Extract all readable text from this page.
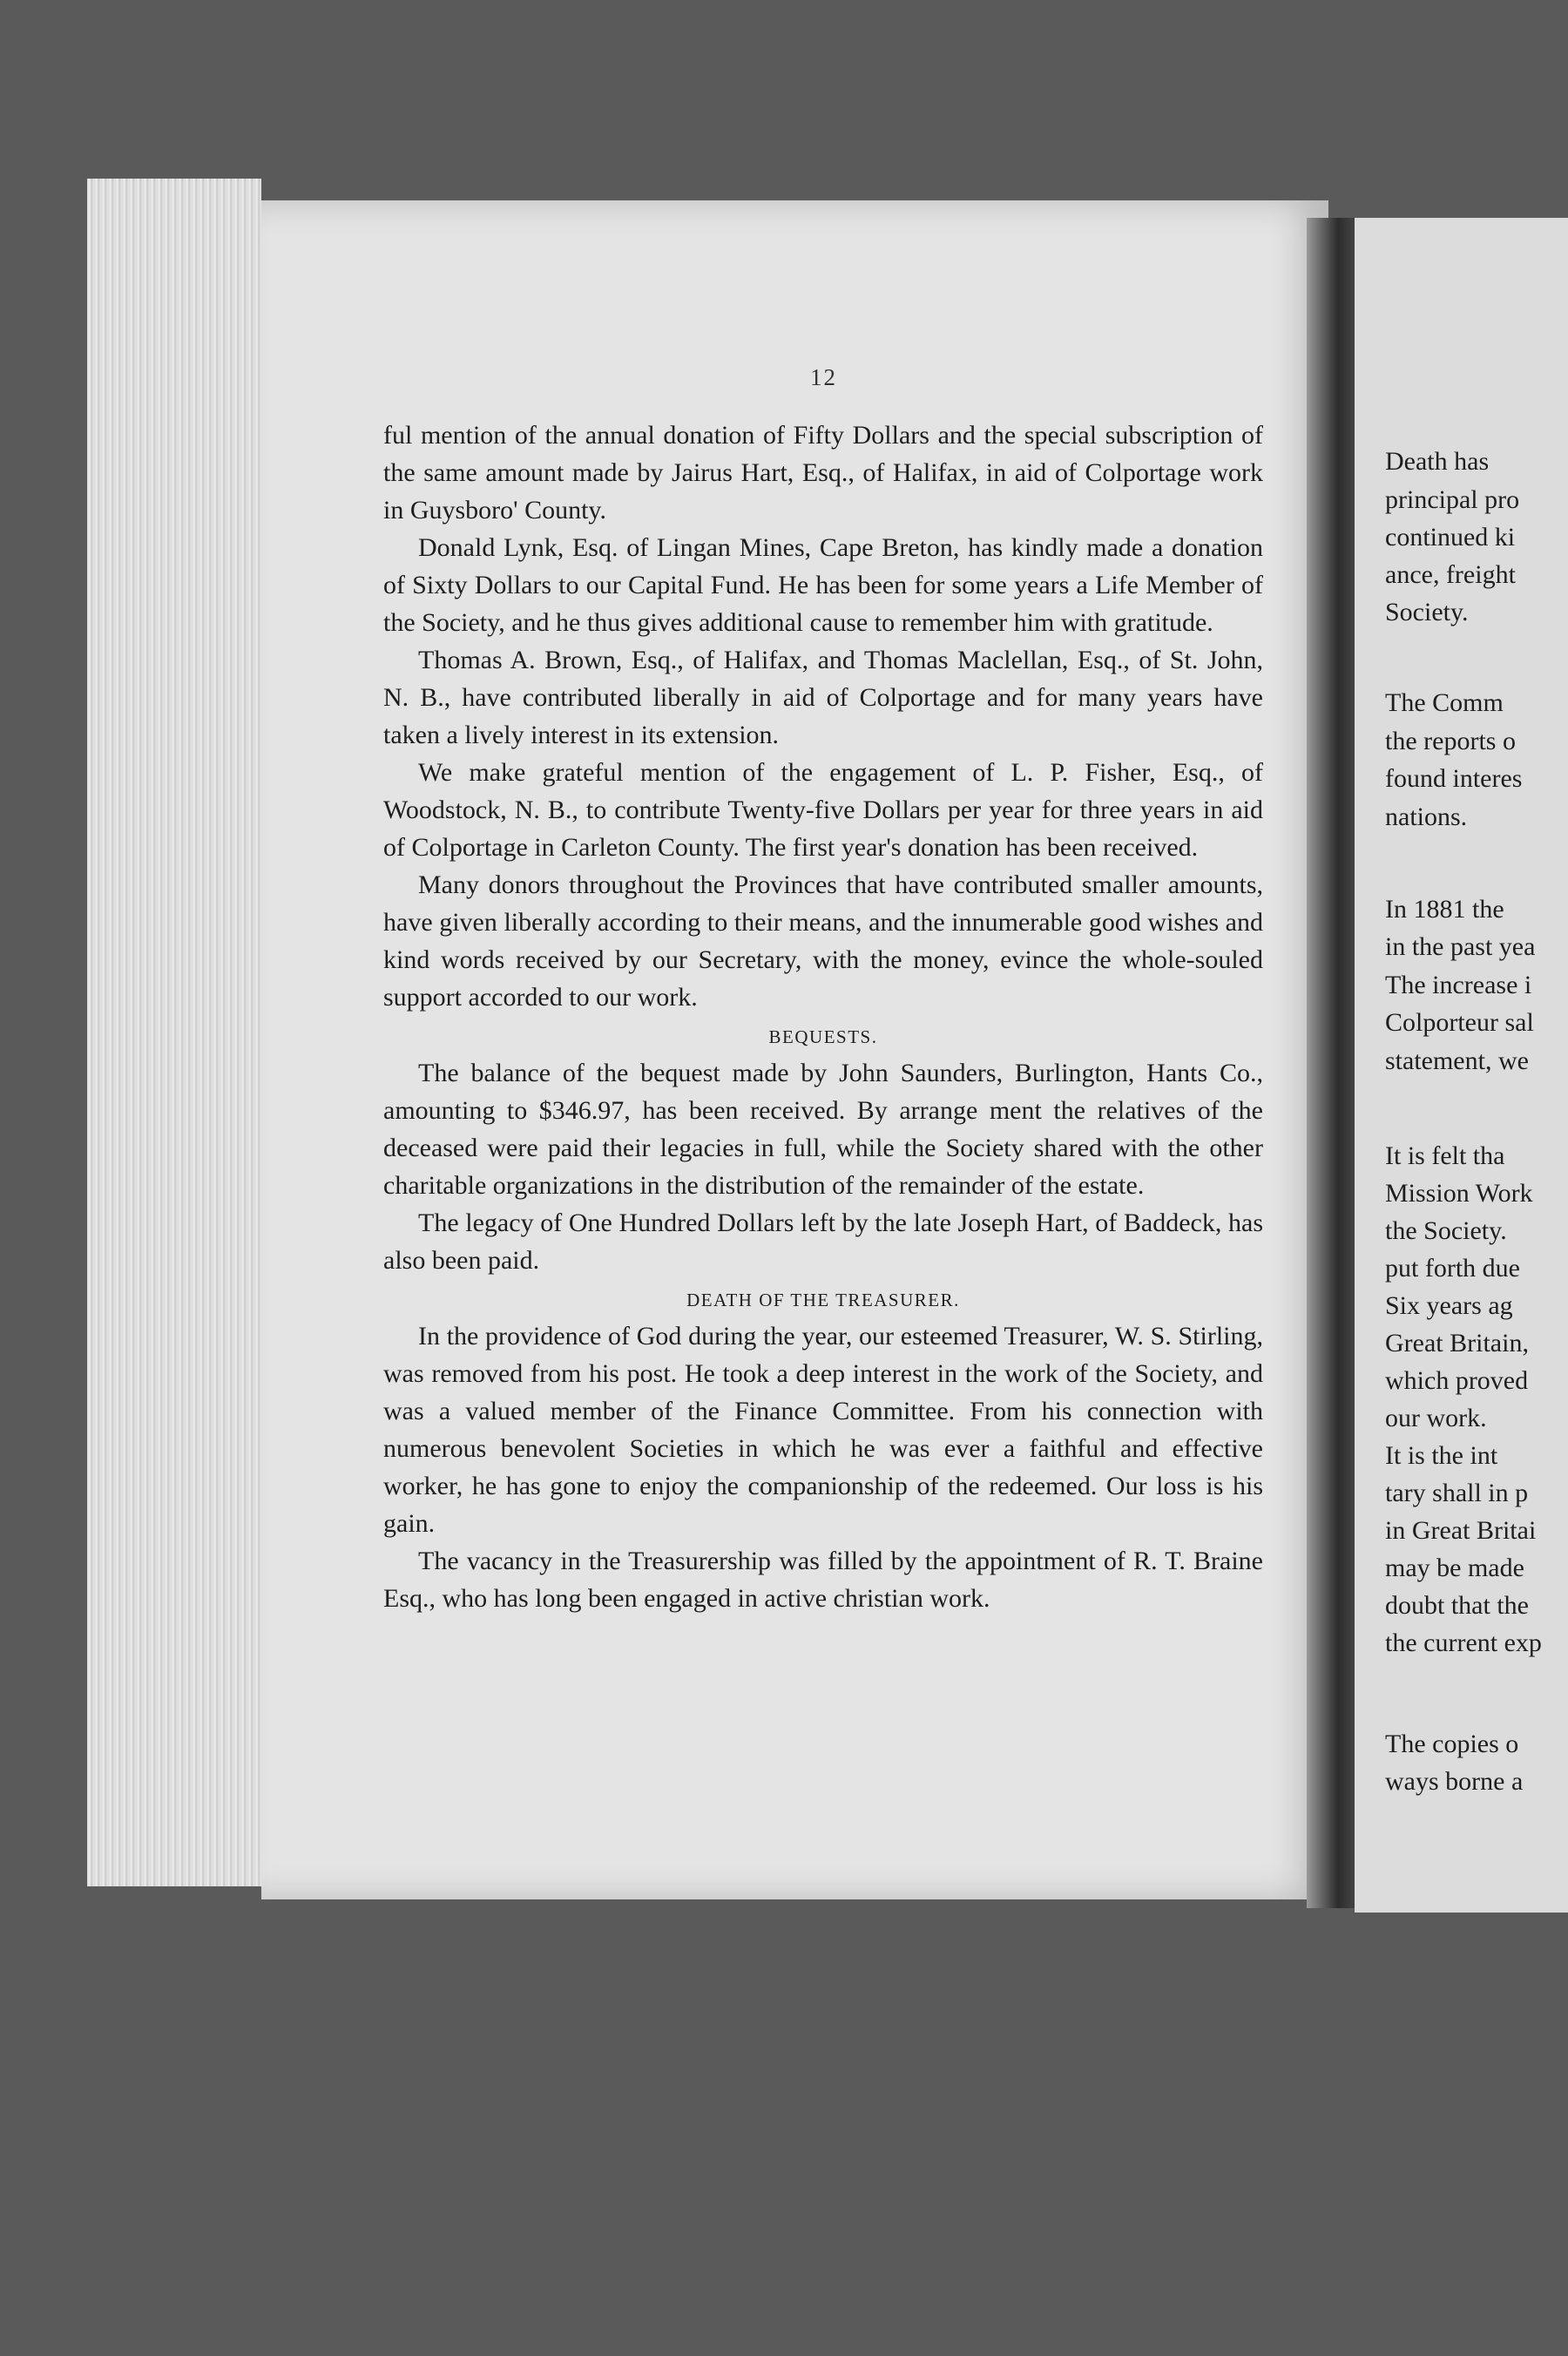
12

ful mention of the annual donation of Fifty Dollars and the special subscription of the same amount made by Jairus Hart, Esq., of Halifax, in aid of Colportage work in Guysboro' County.

Donald Lynk, Esq. of Lingan Mines, Cape Breton, has kindly made a donation of Sixty Dollars to our Capital Fund. He has been for some years a Life Member of the Society, and he thus gives additional cause to remember him with gratitude.

Thomas A. Brown, Esq., of Halifax, and Thomas Maclellan, Esq., of St. John, N. B., have contributed liberally in aid of Colportage and for many years have taken a lively interest in its extension.

We make grateful mention of the engagement of L. P. Fisher, Esq., of Woodstock, N. B., to contribute Twenty-five Dollars per year for three years in aid of Colportage in Carleton County. The first year's donation has been received.

Many donors throughout the Provinces that have contributed smaller amounts, have given liberally according to their means, and the innumerable good wishes and kind words received by our Secretary, with the money, evince the whole-souled support accorded to our work.

BEQUESTS.

The balance of the bequest made by John Saunders, Burlington, Hants Co., amounting to $346.97, has been received. By arrange ment the relatives of the deceased were paid their legacies in full, while the Society shared with the other charitable organizations in the distribution of the remainder of the estate.

The legacy of One Hundred Dollars left by the late Joseph Hart, of Baddeck, has also been paid.

DEATH OF THE TREASURER.

In the providence of God during the year, our esteemed Treasurer, W. S. Stirling, was removed from his post. He took a deep interest in the work of the Society, and was a valued member of the Finance Committee. From his connection with numerous benevolent Societies in which he was ever a faithful and effective worker, he has gone to enjoy the companionship of the redeemed. Our loss is his gain.

The vacancy in the Treasurership was filled by the appointment of R. T. Braine Esq., who has long been engaged in active christian work.

Death has
principal pro
continued ki
ance, freight
Society.
The Comm
the reports o
found interes
nations.
In 1881 the
in the past yea
The increase i
Colporteur sal
statement, we
It is felt tha
Mission Work
the Society.
put forth due
Six years ag
Great Britain,
which proved
our work.
It is the int
tary shall in p
in Great Britai
may be made
doubt that the
the current exp
The copies o
ways borne a
